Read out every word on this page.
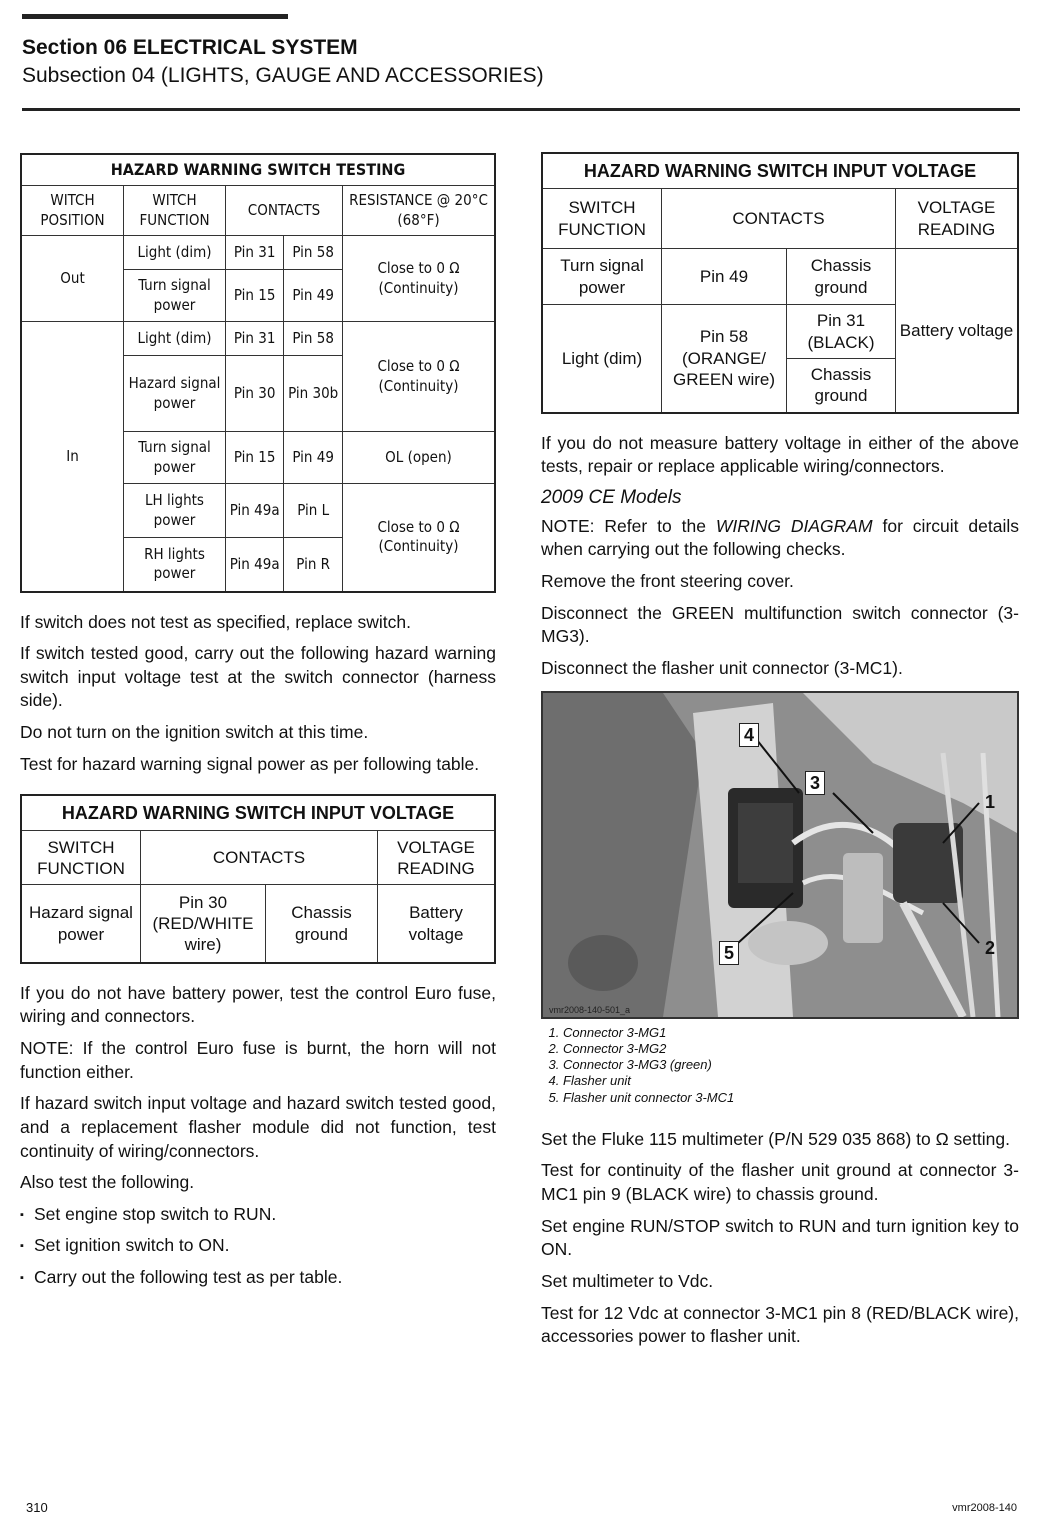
Section 06 ELECTRICAL SYSTEM
Subsection 04 (LIGHTS, GAUGE AND ACCESSORIES)
HAZARD WARNING SWITCH TESTING				
WITCH POSITION	WITCH FUNCTION	CONTACTS		RESISTANCE @ 20°C (68°F)
Out	Light (dim)	Pin 31	Pin 58	Close to 0 Ω (Continuity)
	Turn signal power	Pin 15	Pin 49	
In	Light (dim)	Pin 31	Pin 58	Close to 0 Ω (Continuity)
	Hazard signal power	Pin 30	Pin 30b	
	Turn signal power	Pin 15	Pin 49	OL (open)
	LH lights power	Pin 49a	Pin L	Close to 0 Ω (Continuity)
	RH lights power	Pin 49a	Pin R	

If switch does not test as specified, replace switch.

If switch tested good, carry out the following hazard warning switch input voltage test at the switch connector (harness side).

Do not turn on the ignition switch at this time.

Test for hazard warning signal power as per following table.

HAZARD WARNING SWITCH INPUT VOLTAGE			
SWITCH FUNCTION	CONTACTS		VOLTAGE READING
Hazard signal power	Pin 30 (RED/WHITE wire)	Chassis ground	Battery voltage

If you do not have battery power, test the control Euro fuse, wiring and connectors.

NOTE: If the control Euro fuse is burnt, the horn will not function either.

If hazard switch input voltage and hazard switch tested good, and a replacement flasher module did not function, test continuity of wiring/connectors.

Also test the following.

▪ Set engine stop switch to RUN.
▪ Set ignition switch to ON.
▪ Carry out the following test as per table.
HAZARD WARNING SWITCH INPUT VOLTAGE			
SWITCH FUNCTION	CONTACTS		VOLTAGE READING
Turn signal power	Pin 49	Chassis ground	Battery voltage
Light (dim)	Pin 58 (ORANGE/ GREEN wire)	Pin 31 (BLACK)	
		Chassis ground	

If you do not measure battery voltage in either of the above tests, repair or replace applicable wiring/connectors.

2009 CE Models

NOTE: Refer to the WIRING DIAGRAM for circuit details when carrying out the following checks.

Remove the front steering cover.

Disconnect the GREEN multifunction switch connector (3-MG3).

Disconnect the flasher unit connector (3-MC1).

4
3
1
5	2
vmr2008-140-501_a
1. Connector 3-MG1
2. Connector 3-MG2
3. Connector 3-MG3 (green)
4. Flasher unit
5. Flasher unit connector 3-MC1

Set the Fluke 115 multimeter (P/N 529 035 868) to Ω setting.

Test for continuity of the flasher unit ground at connector 3-MC1 pin 9 (BLACK wire) to chassis ground.

Set engine RUN/STOP switch to RUN and turn ignition key to ON.

Set multimeter to Vdc.

Test for 12 Vdc at connector 3-MC1 pin 8 (RED/BLACK wire), accessories power to flasher unit.

310	vmr2008-140
